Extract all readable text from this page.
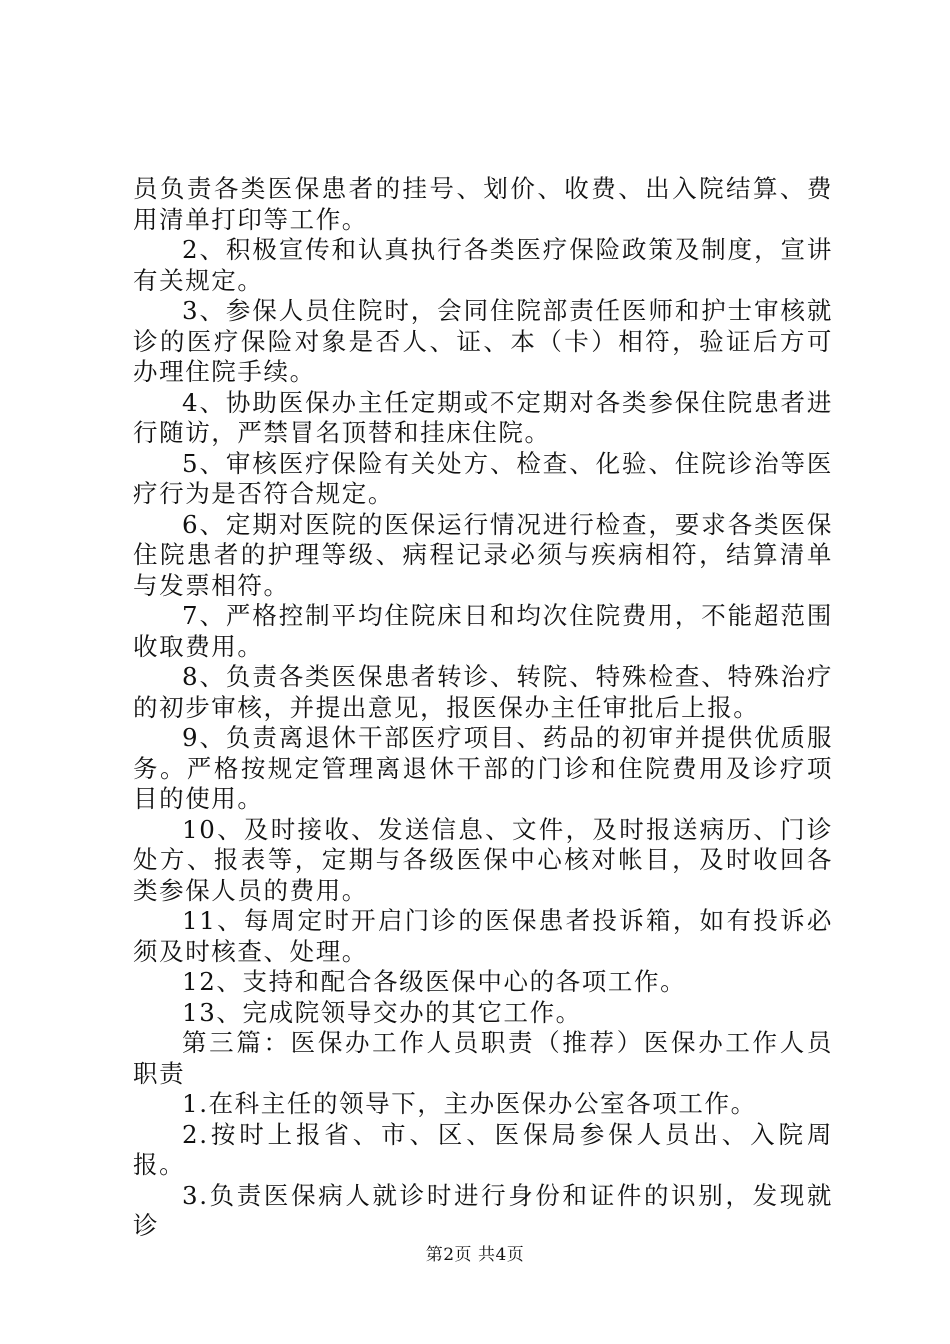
员负责各类医保患者的挂号、划价、收费、出入院结算、费用清单打印等工作。

2、积极宣传和认真执行各类医疗保险政策及制度，宣讲有关规定。

3、参保人员住院时，会同住院部责任医师和护士审核就诊的医疗保险对象是否人、证、本（卡）相符，验证后方可办理住院手续。

4、协助医保办主任定期或不定期对各类参保住院患者进行随访，严禁冒名顶替和挂床住院。

5、审核医疗保险有关处方、检查、化验、住院诊治等医疗行为是否符合规定。

6、定期对医院的医保运行情况进行检查，要求各类医保住院患者的护理等级、病程记录必须与疾病相符，结算清单与发票相符。

7、严格控制平均住院床日和均次住院费用，不能超范围收取费用。

8、负责各类医保患者转诊、转院、特殊检查、特殊治疗的初步审核，并提出意见，报医保办主任审批后上报。

9、负责离退休干部医疗项目、药品的初审并提供优质服务。严格按规定管理离退休干部的门诊和住院费用及诊疗项目的使用。

10、及时接收、发送信息、文件，及时报送病历、门诊处方、报表等，定期与各级医保中心核对帐目，及时收回各类参保人员的费用。

11、每周定时开启门诊的医保患者投诉箱，如有投诉必须及时核查、处理。

12、支持和配合各级医保中心的各项工作。

13、完成院领导交办的其它工作。

第三篇：医保办工作人员职责（推荐）医保办工作人员职责

1.在科主任的领导下，主办医保办公室各项工作。

2.按时上报省、市、区、医保局参保人员出、入院周报。

3.负责医保病人就诊时进行身份和证件的识别，发现就诊

第2页 共4页
